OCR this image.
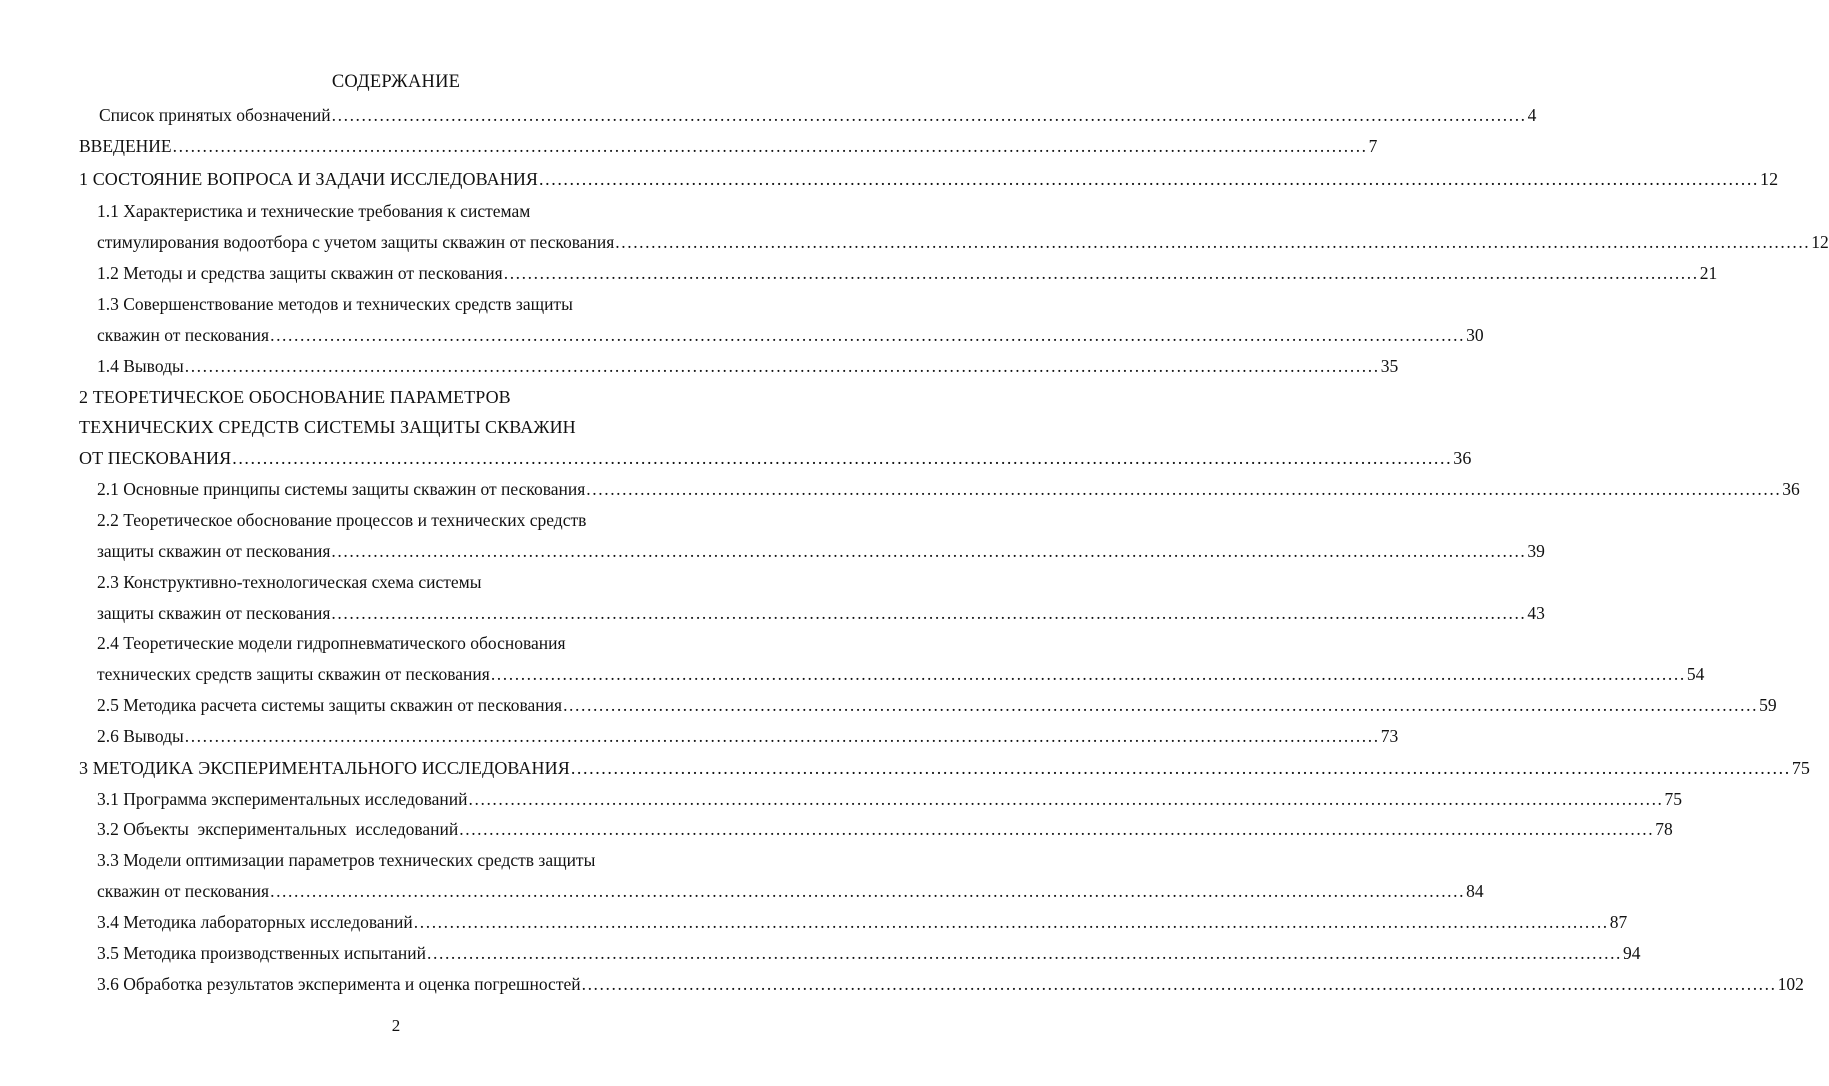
СОДЕРЖАНИЕ
Список принятых обозначений ........................................................................................................................................................................................................ 4
ВВЕДЕНИЕ ........................................................................................................................................................................................................ 7
1 СОСТОЯНИЕ ВОПРОСА И ЗАДАЧИ ИССЛЕДОВАНИЯ ........................................................................................................................................................................................................ 12
1.1 Характеристика и технические требования к системам
стимулирования водоотбора с учетом защиты скважин от пескования ........................................................................................................................................................................................................ 12
1.2 Методы и средства защиты скважин от пескования ........................................................................................................................................................................................................ 21
1.3 Совершенствование методов и технических средств защиты
скважин от пескования ........................................................................................................................................................................................................ 30
1.4 Выводы ........................................................................................................................................................................................................ 35
2 ТЕОРЕТИЧЕСКОЕ ОБОСНОВАНИЕ ПАРАМЕТРОВ
ТЕХНИЧЕСКИХ СРЕДСТВ СИСТЕМЫ ЗАЩИТЫ СКВАЖИН
ОТ ПЕСКОВАНИЯ ........................................................................................................................................................................................................ 36
2.1 Основные принципы системы защиты скважин от пескования ........................................................................................................................................................................................................ 36
2.2 Теоретическое обоснование процессов и технических средств
защиты скважин от пескования ........................................................................................................................................................................................................ 39
2.3 Конструктивно-технологическая схема системы
защиты скважин от пескования ........................................................................................................................................................................................................ 43
2.4 Теоретические модели гидропневматического обоснования
технических средств защиты скважин от пескования ........................................................................................................................................................................................................ 54
2.5 Методика расчета системы защиты скважин от пескования ........................................................................................................................................................................................................ 59
2.6 Выводы ........................................................................................................................................................................................................ 73
3 МЕТОДИКА ЭКСПЕРИМЕНТАЛЬНОГО ИССЛЕДОВАНИЯ ........................................................................................................................................................................................................ 75
3.1 Программа экспериментальных исследований ........................................................................................................................................................................................................ 75
3.2 Объекты  экспериментальных  исследований ........................................................................................................................................................................................................ 78
3.3 Модели оптимизации параметров технических средств защиты
скважин от пескования ........................................................................................................................................................................................................ 84
3.4 Методика лабораторных исследований ........................................................................................................................................................................................................ 87
3.5 Методика производственных испытаний ........................................................................................................................................................................................................ 94
3.6 Обработка результатов эксперимента и оценка погрешностей ........................................................................................................................................................................................................ 102
2
